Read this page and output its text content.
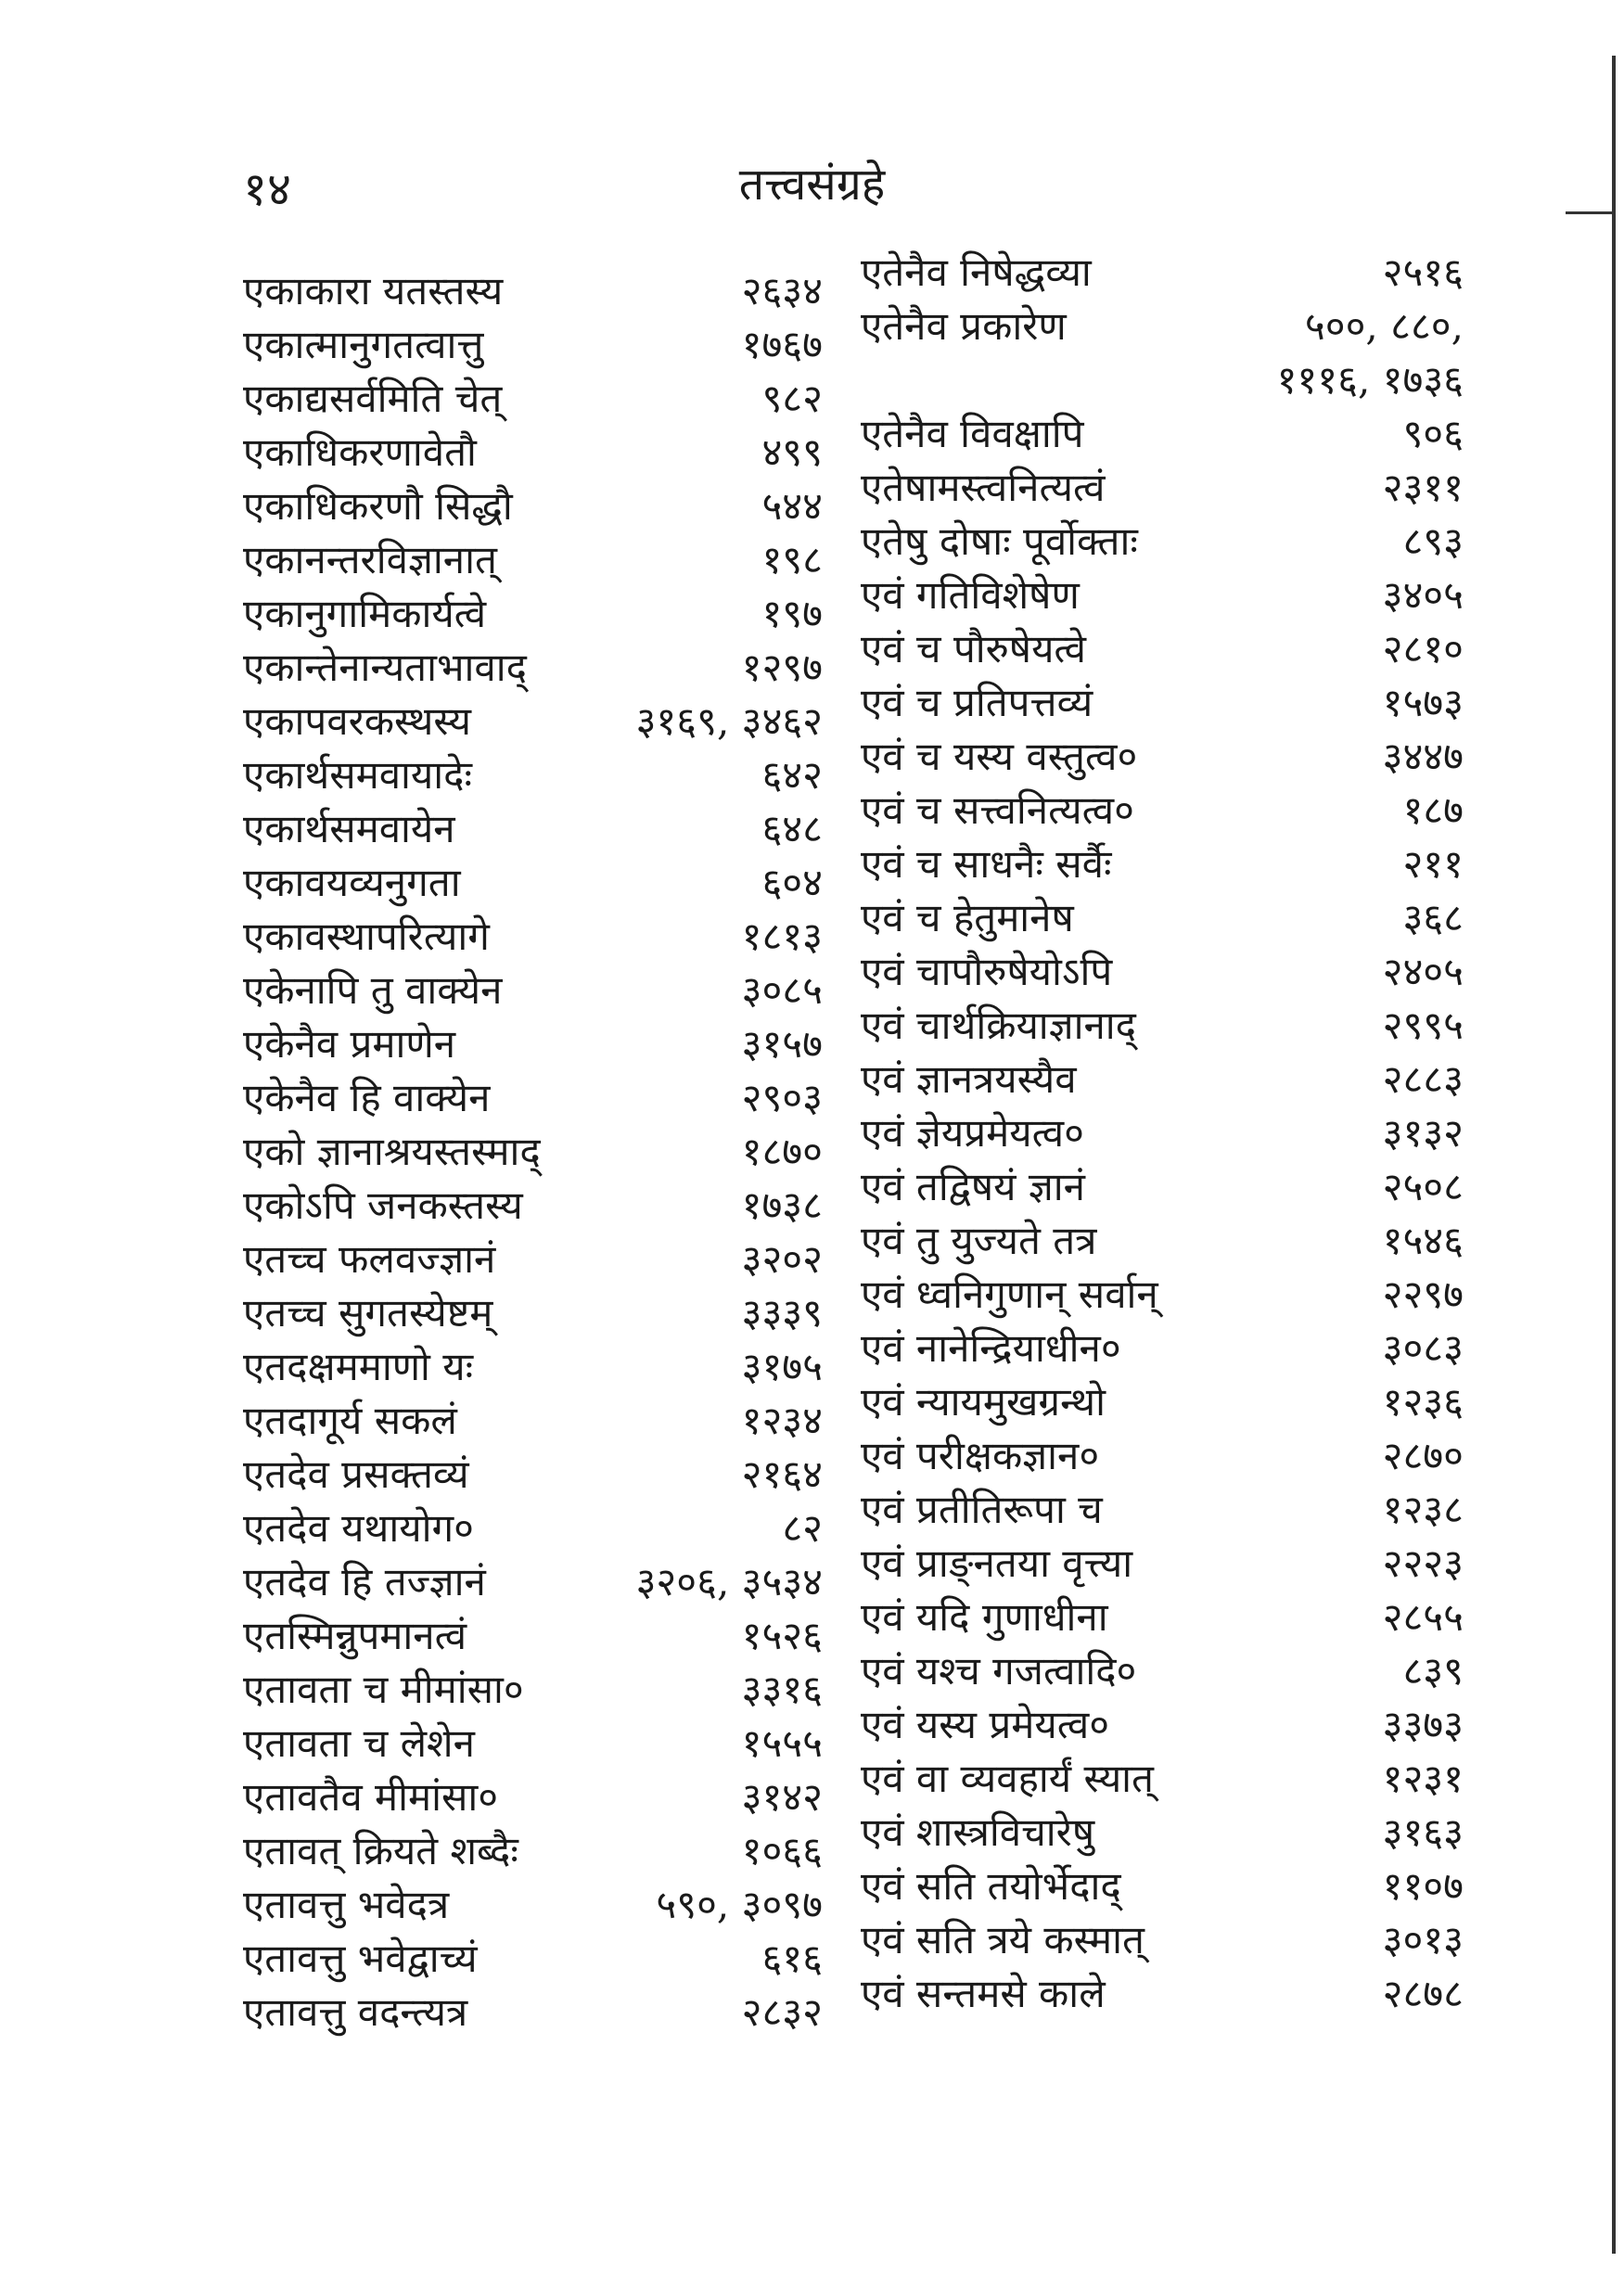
१४	तत्त्वसंग्रहे
एकाकारा यतस्तस्य	२६३४
एकात्मानुगतत्वात्तु	१७६७
एकाद्यसर्वमिति चेत्	९८२
एकाधिकरणावेतौ	४९९
एकाधिकरणौ सिद्धौ	५४४
एकानन्तरविज्ञानात्	१९८
एकानुगामिकार्यत्वे	१९७
एकान्तेनान्यताभावाद्	१२९७
एकापवरकस्थस्य	३१६९, ३४६२
एकार्थसमवायादेः	६४२
एकार्थसमवायेन	६४८
एकावयव्यनुगता	६०४
एकावस्थापरित्यागे	१८१३
एकेनापि तु वाक्येन	३०८५
एकेनैव प्रमाणेन	३१५७
एकेनैव हि वाक्येन	२९०३
एको ज्ञानाश्रयस्तस्माद्	१८७०
एकोऽपि जनकस्तस्य	१७३८
एतच्च फलवज्ज्ञानं	३२०२
एतच्च सुगतस्येष्टम्	३३३९
एतदक्षममाणो यः	३१७५
एतदागूर्य सकलं	१२३४
एतदेव प्रसक्तव्यं	२१६४
एतदेव यथायोग०	८२
एतदेव हि तज्ज्ञानं	३२०६, ३५३४
एतस्मिन्नुपमानत्वं	१५२६
एतावता च मीमांसा०	३३१६
एतावता च लेशेन	१५५५
एतावतैव मीमांसा०	३१४२
एतावत् क्रियते शब्दैः	१०६६
एतावत्तु भवेदत्र	५९०, ३०९७
एतावत्तु भवेद्वाच्यं	६१६
एतावत्तु वदन्त्यत्र	२८३२
एतेनैव निषेद्धव्या	२५१६
एतेनैव प्रकारेण	५००, ८८०,
१११६, १७३६
एतेनैव विवक्षापि	९०६
एतेषामस्त्वनित्यत्वं	२३११
एतेषु दोषाः पूर्वोक्ताः	८९३
एवं गतिविशेषेण	३४०५
एवं च पौरुषेयत्वे	२८१०
एवं च प्रतिपत्तव्यं	१५७३
एवं च यस्य वस्तुत्व०	३४४७
एवं च सत्त्वनित्यत्व०	१८७
एवं च साधनैः सर्वैः	२११
एवं च हेतुमानेष	३६८
एवं चापौरुषेयोऽपि	२४०५
एवं चार्थक्रियाज्ञानाद्	२९९५
एवं ज्ञानत्रयस्यैव	२८८३
एवं ज्ञेयप्रमेयत्व०	३१३२
एवं तद्विषयं ज्ञानं	२५०८
एवं तु युज्यते तत्र	१५४६
एवं ध्वनिगुणान् सर्वान्	२२९७
एवं नानेन्द्रियाधीन०	३०८३
एवं न्यायमुखग्रन्थो	१२३६
एवं परीक्षकज्ञान०	२८७०
एवं प्रतीतिरूपा च	१२३८
एवं प्राङ्नतया वृत्त्या	२२२३
एवं यदि गुणाधीना	२८५५
एवं यश्च गजत्वादि०	८३९
एवं यस्य प्रमेयत्व०	३३७३
एवं वा व्यवहार्यं स्यात्	१२३१
एवं शास्त्रविचारेषु	३१६३
एवं सति तयोर्भेदाद्	११०७
एवं सति त्रये कस्मात्	३०१३
एवं सन्तमसे काले	२८७८
